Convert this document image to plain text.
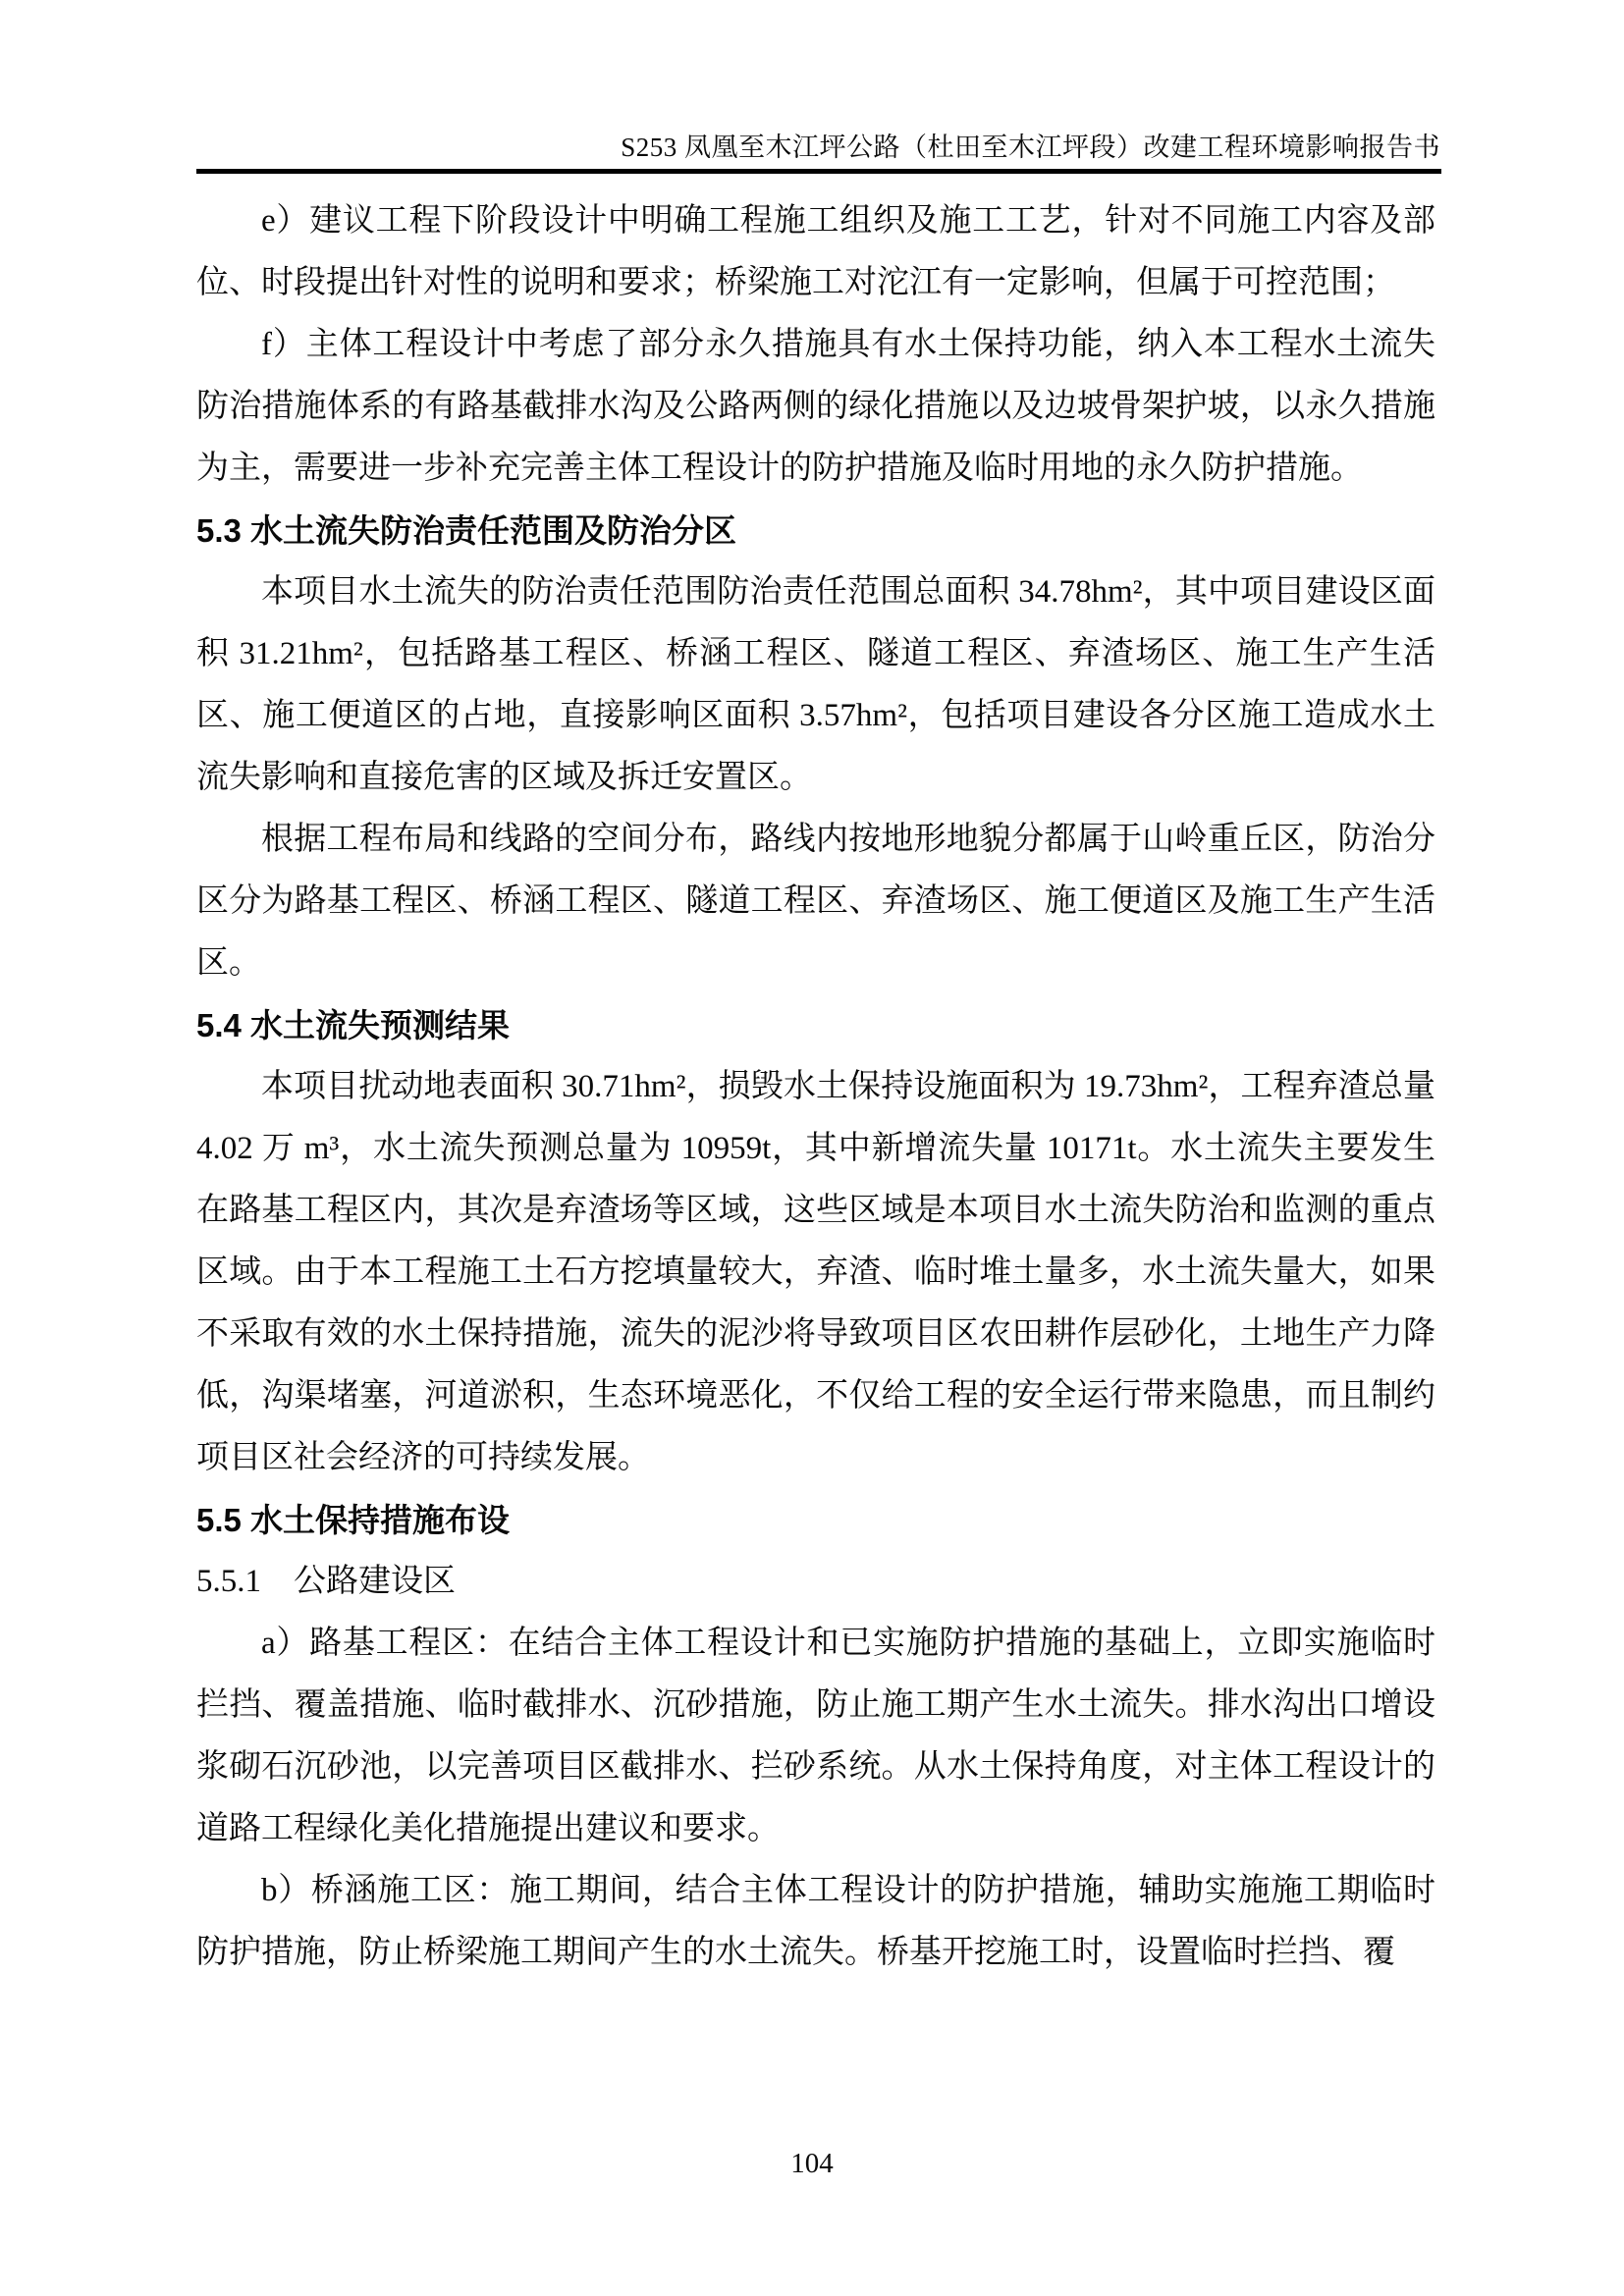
S253 凤凰至木江坪公路（杜田至木江坪段）改建工程环境影响报告书

e）建议工程下阶段设计中明确工程施工组织及施工工艺，针对不同施工内容及部位、时段提出针对性的说明和要求；桥梁施工对沱江有一定影响，但属于可控范围；

f）主体工程设计中考虑了部分永久措施具有水土保持功能，纳入本工程水土流失防治措施体系的有路基截排水沟及公路两侧的绿化措施以及边坡骨架护坡，以永久措施为主，需要进一步补充完善主体工程设计的防护措施及临时用地的永久防护措施。

5.3 水土流失防治责任范围及防治分区

本项目水土流失的防治责任范围防治责任范围总面积 34.78hm²，其中项目建设区面积 31.21hm²，包括路基工程区、桥涵工程区、隧道工程区、弃渣场区、施工生产生活区、施工便道区的占地，直接影响区面积 3.57hm²，包括项目建设各分区施工造成水土流失影响和直接危害的区域及拆迁安置区。

根据工程布局和线路的空间分布，路线内按地形地貌分都属于山岭重丘区，防治分区分为路基工程区、桥涵工程区、隧道工程区、弃渣场区、施工便道区及施工生产生活区。

5.4 水土流失预测结果

本项目扰动地表面积 30.71hm²，损毁水土保持设施面积为 19.73hm²，工程弃渣总量 4.02 万 m³，水土流失预测总量为 10959t，其中新增流失量 10171t。水土流失主要发生在路基工程区内，其次是弃渣场等区域，这些区域是本项目水土流失防治和监测的重点区域。由于本工程施工土石方挖填量较大，弃渣、临时堆土量多，水土流失量大，如果不采取有效的水土保持措施，流失的泥沙将导致项目区农田耕作层砂化，土地生产力降低，沟渠堵塞，河道淤积，生态环境恶化，不仅给工程的安全运行带来隐患，而且制约项目区社会经济的可持续发展。

5.5 水土保持措施布设
5.5.1　公路建设区

a）路基工程区：在结合主体工程设计和已实施防护措施的基础上，立即实施临时拦挡、覆盖措施、临时截排水、沉砂措施，防止施工期产生水土流失。排水沟出口增设浆砌石沉砂池，以完善项目区截排水、拦砂系统。从水土保持角度，对主体工程设计的道路工程绿化美化措施提出建议和要求。

b）桥涵施工区：施工期间，结合主体工程设计的防护措施，辅助实施施工期临时防护措施，防止桥梁施工期间产生的水土流失。桥基开挖施工时，设置临时拦挡、覆

104
